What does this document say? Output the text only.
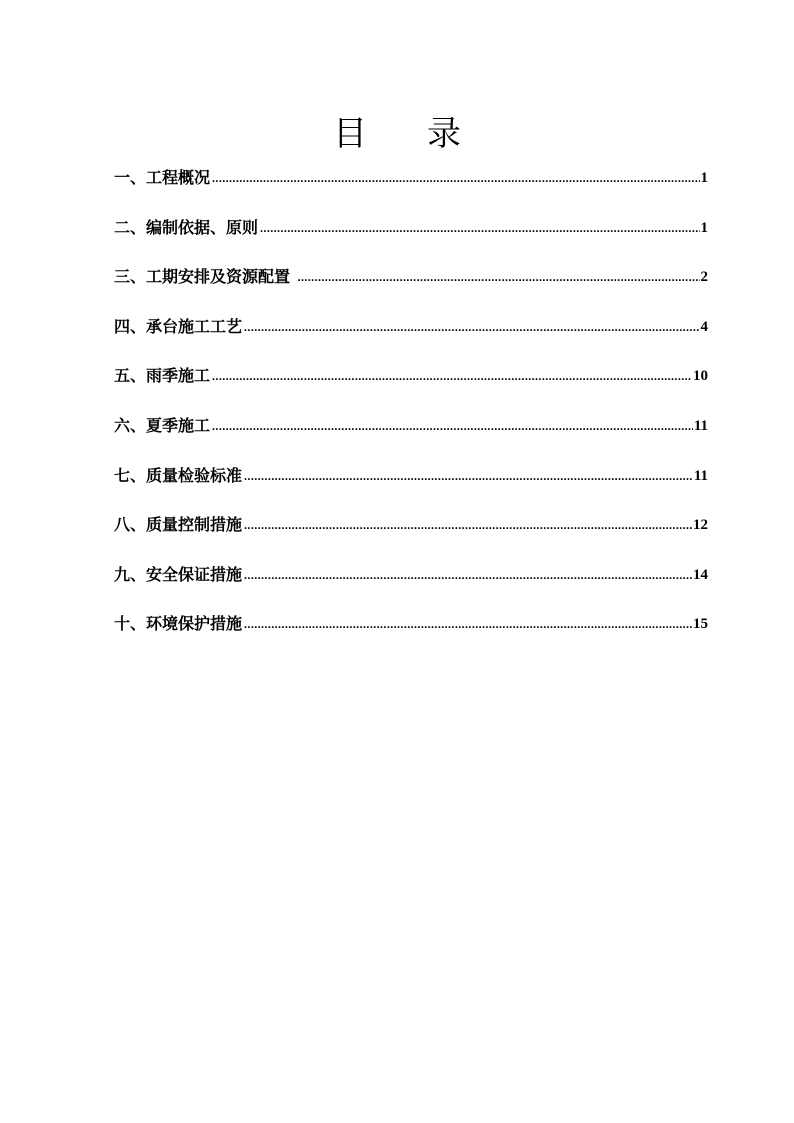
目 录
一、工程概况 .....	1
二、编制依据、原则 .....	1
三、工期安排及资源配置 .....	2
四、承台施工工艺 .....	4
五、雨季施工 .....	10
六、夏季施工 .....	11
七、质量检验标准 .....	11
八、质量控制措施 .....	12
九、安全保证措施 .....	14
十、环境保护措施 .....	15
